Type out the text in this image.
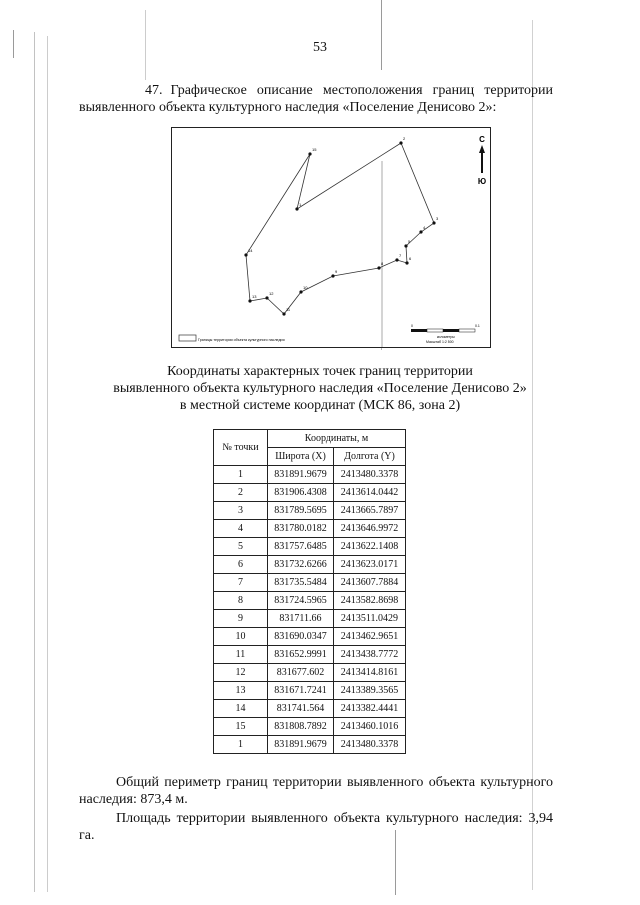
53
47. Графическое описание местоположения границ территории выявленного объекта культурного наследия «Поселение Денисово 2»:
1
2
3
4
5
6
7
8
9
10
11
12
13
14
15
С
Ю
Границы территории объекта культурного наследия
0	0.1
километры
Масштаб 1:2 500
Координаты характерных точек границ территории
выявленного объекта культурного наследия «Поселение Денисово 2»
в местной системе координат (МСК 86, зона 2)
№ точки	Координаты, м	
	Широта (X)	Долгота (Y)
1	831891.9679	2413480.3378
2	831906.4308	2413614.0442
3	831789.5695	2413665.7897
4	831780.0182	2413646.9972
5	831757.6485	2413622.1408
6	831732.6266	2413623.0171
7	831735.5484	2413607.7884
8	831724.5965	2413582.8698
9	831711.66	2413511.0429
10	831690.0347	2413462.9651
11	831652.9991	2413438.7772
12	831677.602	2413414.8161
13	831671.7241	2413389.3565
14	831741.564	2413382.4441
15	831808.7892	2413460.1016
1	831891.9679	2413480.3378
Общий периметр границ территории выявленного объекта культурного наследия: 873,4 м.
Площадь территории выявленного объекта культурного наследия: 3,94 га.
